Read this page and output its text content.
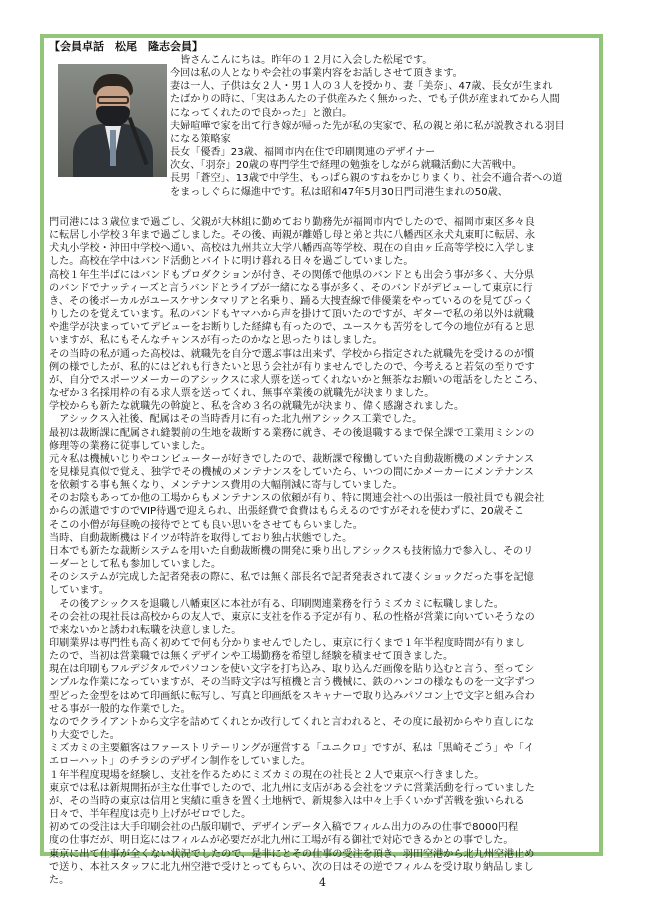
【会員卓話　松尾　隆志会員】
　皆さんこんにちは。昨年の１２月に入会した松尾です。
今回は私の人となりや会社の事業内容をお話しさせて頂きます。
妻は一人、子供は女２人・男１人の３人を授かり、妻「美奈」、47歳、長女が生まれ
たばかりの時に、「実はあんたの子供産みたく無かった、でも子供が産まれてから人間
になってくれたので良かった」と激白。
夫婦喧嘩で家を出て行き嫁が帰った先が私の実家で、私の親と弟に私が説教される羽目
になる策略家
長女「優香」23歳、福岡市内在住で印刷関連のデザイナー
次女、「羽奈」20歳の専門学生で経理の勉強をしながら就職活動に大苦戦中。
長男「蒼空」、13歳で中学生、もっぱら親のすねをかじりまくり、社会不適合者への道
をまっしぐらに爆進中です。私は昭和47年5月30日門司港生まれの50歳、
門司港には３歳位まで過ごし、父親が大林組に勤めており勤務先が福岡市内でしたので、福岡市東区多々良
に転居し小学校３年まで過ごしました。その後、両親が離婚し母と弟と共に八幡西区永犬丸東町に転居、永
犬丸小学校・沖田中学校へ通い、高校は九州共立大学八幡西高等学校、現在の自由ヶ丘高等学校に入学しま
した。高校在学中はバンド活動とバイトに明け暮れる日々を過ごしていました。
高校１年生半ばにはバンドもプロダクションが付き、その関係で他県のバンドとも出会う事が多く、大分県
のバンドでナッティーズと言うバンドとライブが一緒になる事が多く、そのバンドがデビューして東京に行
き、その後ボーカルがユースケサンタマリアと名乗り、踊る大捜査線で俳優業をやっているのを見てびっく
りしたのを覚えています。私のバンドもヤマハから声を掛けて頂いたのですが、ギターで私の弟以外は就職
や進学が決まっていてデビューをお断りした経緯も有ったので、ユースケも苦労をして今の地位が有ると思
いますが、私にもそんなチャンスが有ったのかなと思ったりはしました。
その当時の私が通った高校は、就職先を自分で選ぶ事は出来ず、学校から指定された就職先を受けるのが慣
例の様でしたが、私的にはどれも行きたいと思う会社が有りませんでしたので、今考えると若気の至りです
が、自分でスポーツメーカーのアシックスに求人票を送ってくれないかと無茶なお願いの電話をしたところ、
なぜか３名採用枠の有る求人票を送ってくれ、無事卒業後の就職先が決まりました。
学校からも新たな就職先の斡旋と、私を含め３名の就職先が決まり、偉く感謝されました。
　アシックス入社後、配属はその当時香月に有った北九州アシックス工業でした。
最初は裁断課に配属され縫製前の生地を裁断する業務に就き、その後退職するまで保全課で工業用ミシンの
修理等の業務に従事していました。
元々私は機械いじりやコンピューターが好きでしたので、裁断課で稼働していた自動裁断機のメンテナンス
を見様見真似で覚え、独学でその機械のメンテナンスをしていたら、いつの間にかメーカーにメンテナンス
を依頼する事も無くなり、メンテナンス費用の大幅削減に寄与していました。
そのお陰もあってか他の工場からもメンテナンスの依頼が有り、特に関連会社への出張は一般社員でも親会社
からの派遣ですのでVIP待遇で迎えられ、出張経費で食費はもらえるのですがそれを使わずに、20歳そこ
そこの小僧が毎昼晩の接待でとても良い思いをさせてもらいました。
当時、自動裁断機はドイツが特許を取得しており独占状態でした。
日本でも新たな裁断システムを用いた自動裁断機の開発に乗り出しアシックスも技術協力で参入し、そのリ
ーダーとして私も参加していました。
そのシステムが完成した記者発表の際に、私では無く部長名で記者発表されて凄くショックだった事を記憶
しています。
　その後アシックスを退職し八幡東区に本社が有る、印刷関連業務を行うミズカミに転職しました。
その会社の現社長は高校からの友人で、東京に支社を作る予定が有り、私の性格が営業に向いていそうなの
で来ないかと誘われ転職を決意しました。
印刷業界は専門性も高く初めてで何も分かりませんでしたし、東京に行くまで１年半程度時間が有りまし
たので、当初は営業職では無くデザインや工場勤務を希望し経験を積ませて頂きました。
現在は印刷もフルデジタルでパソコンを使い文字を打ち込み、取り込んだ画像を貼り込むと言う、至ってシ
ンプルな作業になっていますが、その当時文字は写植機と言う機械に、鉄のハンコの様なものを一文字ずつ
型どった金型をはめて印画紙に転写し、写真と印画紙をスキャナーで取り込みパソコン上で文字と組み合わ
せる事が一般的な作業でした。
なのでクライアントから文字を詰めてくれとか改行してくれと言われると、その度に最初からやり直しにな
り大変でした。
ミズカミの主要顧客はファーストリテーリングが運営する「ユニクロ」ですが、私は「黒崎そごう」や「イ
エローハット」のチラシのデザイン制作をしていました。
１年半程度現場を経験し、支社を作るためにミズカミの現在の社長と２人で東京へ行きました。
東京では私は新規開拓が主な仕事でしたので、北九州に支店がある会社をツテに営業活動を行っていました
が、その当時の東京は信用と実績に重きを置く土地柄で、新規参入は中々上手くいかず苦戦を強いられる
日々で、半年程度は売り上げがゼロでした。
初めての受注は大手印刷会社の凸版印刷で、デザインデータ入稿でフィルム出力のみの仕事で8000円程
度の仕事だが、明日迄にはフィルムが必要だが北九州に工場が有る御社で対応できるかとの事でした。
東京に出て仕事が全くない状況でしたので、是非にとその仕事の受注を頂き、羽田空港から北九州空港止め
で送り、本社スタッフに北九州空港で受けとってもらい、次の日はその逆でフィルムを受け取り納品しまし
た。	4
